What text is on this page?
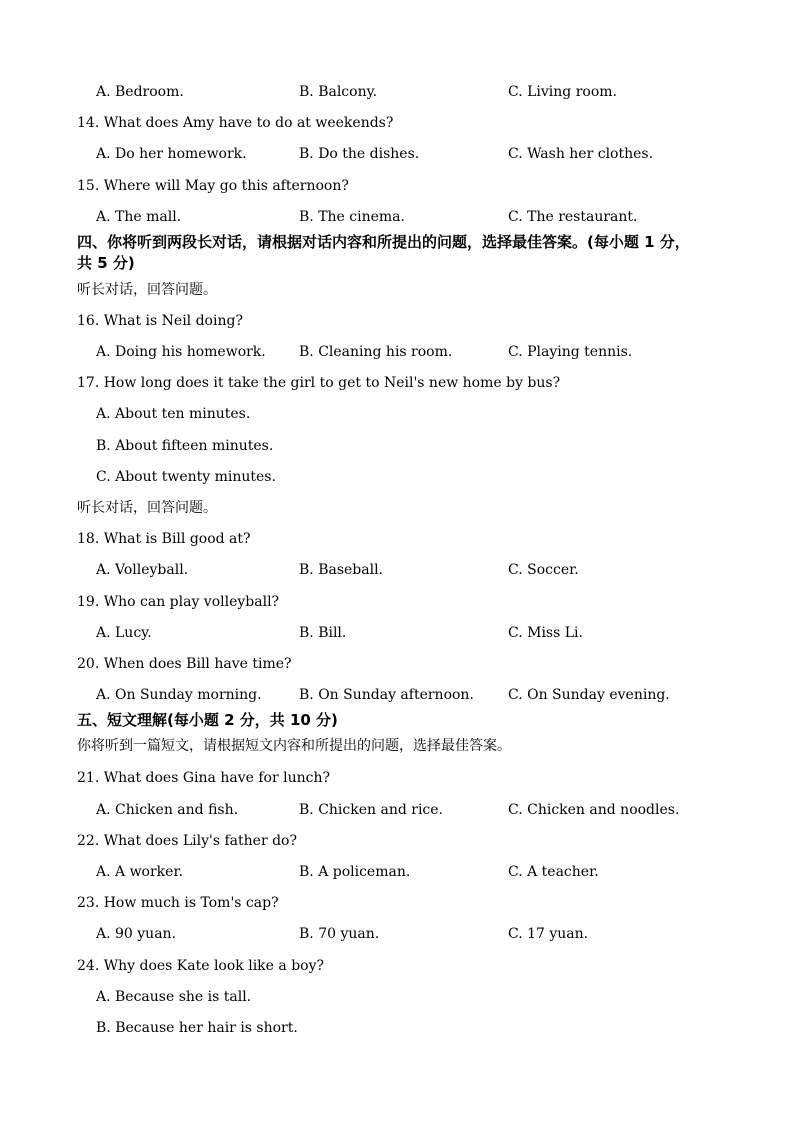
A. Bedroom.	B. Balcony.	C. Living room.
14. What does Amy have to do at weekends?
A. Do her homework.	B. Do the dishes.	C. Wash her clothes.
15. Where will May go this afternoon?
A. The mall.	B. The cinema.	C. The restaurant.
四、你将听到两段长对话，请根据对话内容和所提出的问题，选择最佳答案。(每小题 1 分，
共 5 分)
听长对话，回答问题。
16. What is Neil doing?
A. Doing his homework. B. Cleaning his room.	C. Playing tennis.
17. How long does it take the girl to get to Neil's new home by bus?
A. About ten minutes.
B. About fifteen minutes.
C. About twenty minutes.
听长对话，回答问题。
18. What is Bill good at?
A. Volleyball.	B. Baseball.	C. Soccer.
19. Who can play volleyball?
A. Lucy.	B. Bill.	C. Miss Li.
20. When does Bill have time?
A. On Sunday morning.	B. On Sunday afternoon. C. On Sunday evening.
五、短文理解(每小题 2 分，共 10 分)
你将听到一篇短文，请根据短文内容和所提出的问题，选择最佳答案。
21. What does Gina have for lunch?
A. Chicken and fish.	B. Chicken and rice.	C. Chicken and noodles.
22. What does Lily's father do?
A. A worker.	B. A policeman.	C. A teacher.
23. How much is Tom's cap?
A. 90 yuan.	B. 70 yuan.	C. 17 yuan.
24. Why does Kate look like a boy?
A. Because she is tall.
B. Because her hair is short.
